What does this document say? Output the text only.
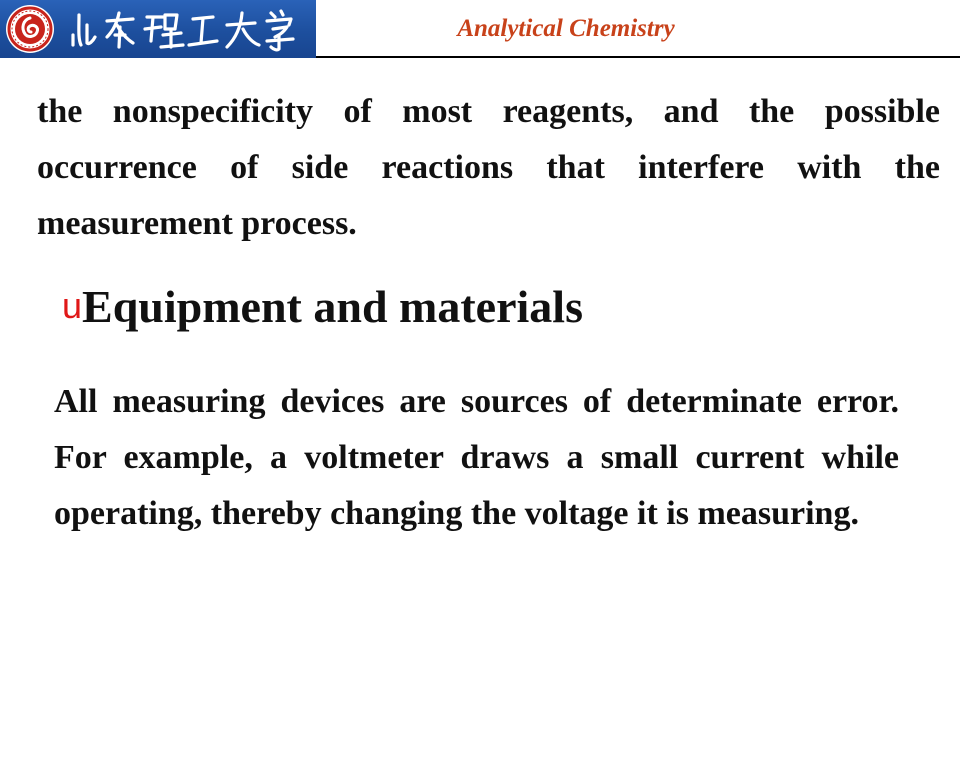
Analytical Chemistry

the nonspecificity of most reagents, and the possible occurrence of side reactions that interfere with the measurement process.

uEquipment and materials

All measuring devices are sources of determinate error. For example, a voltmeter draws a small current while operating, thereby changing the voltage it is measuring.
